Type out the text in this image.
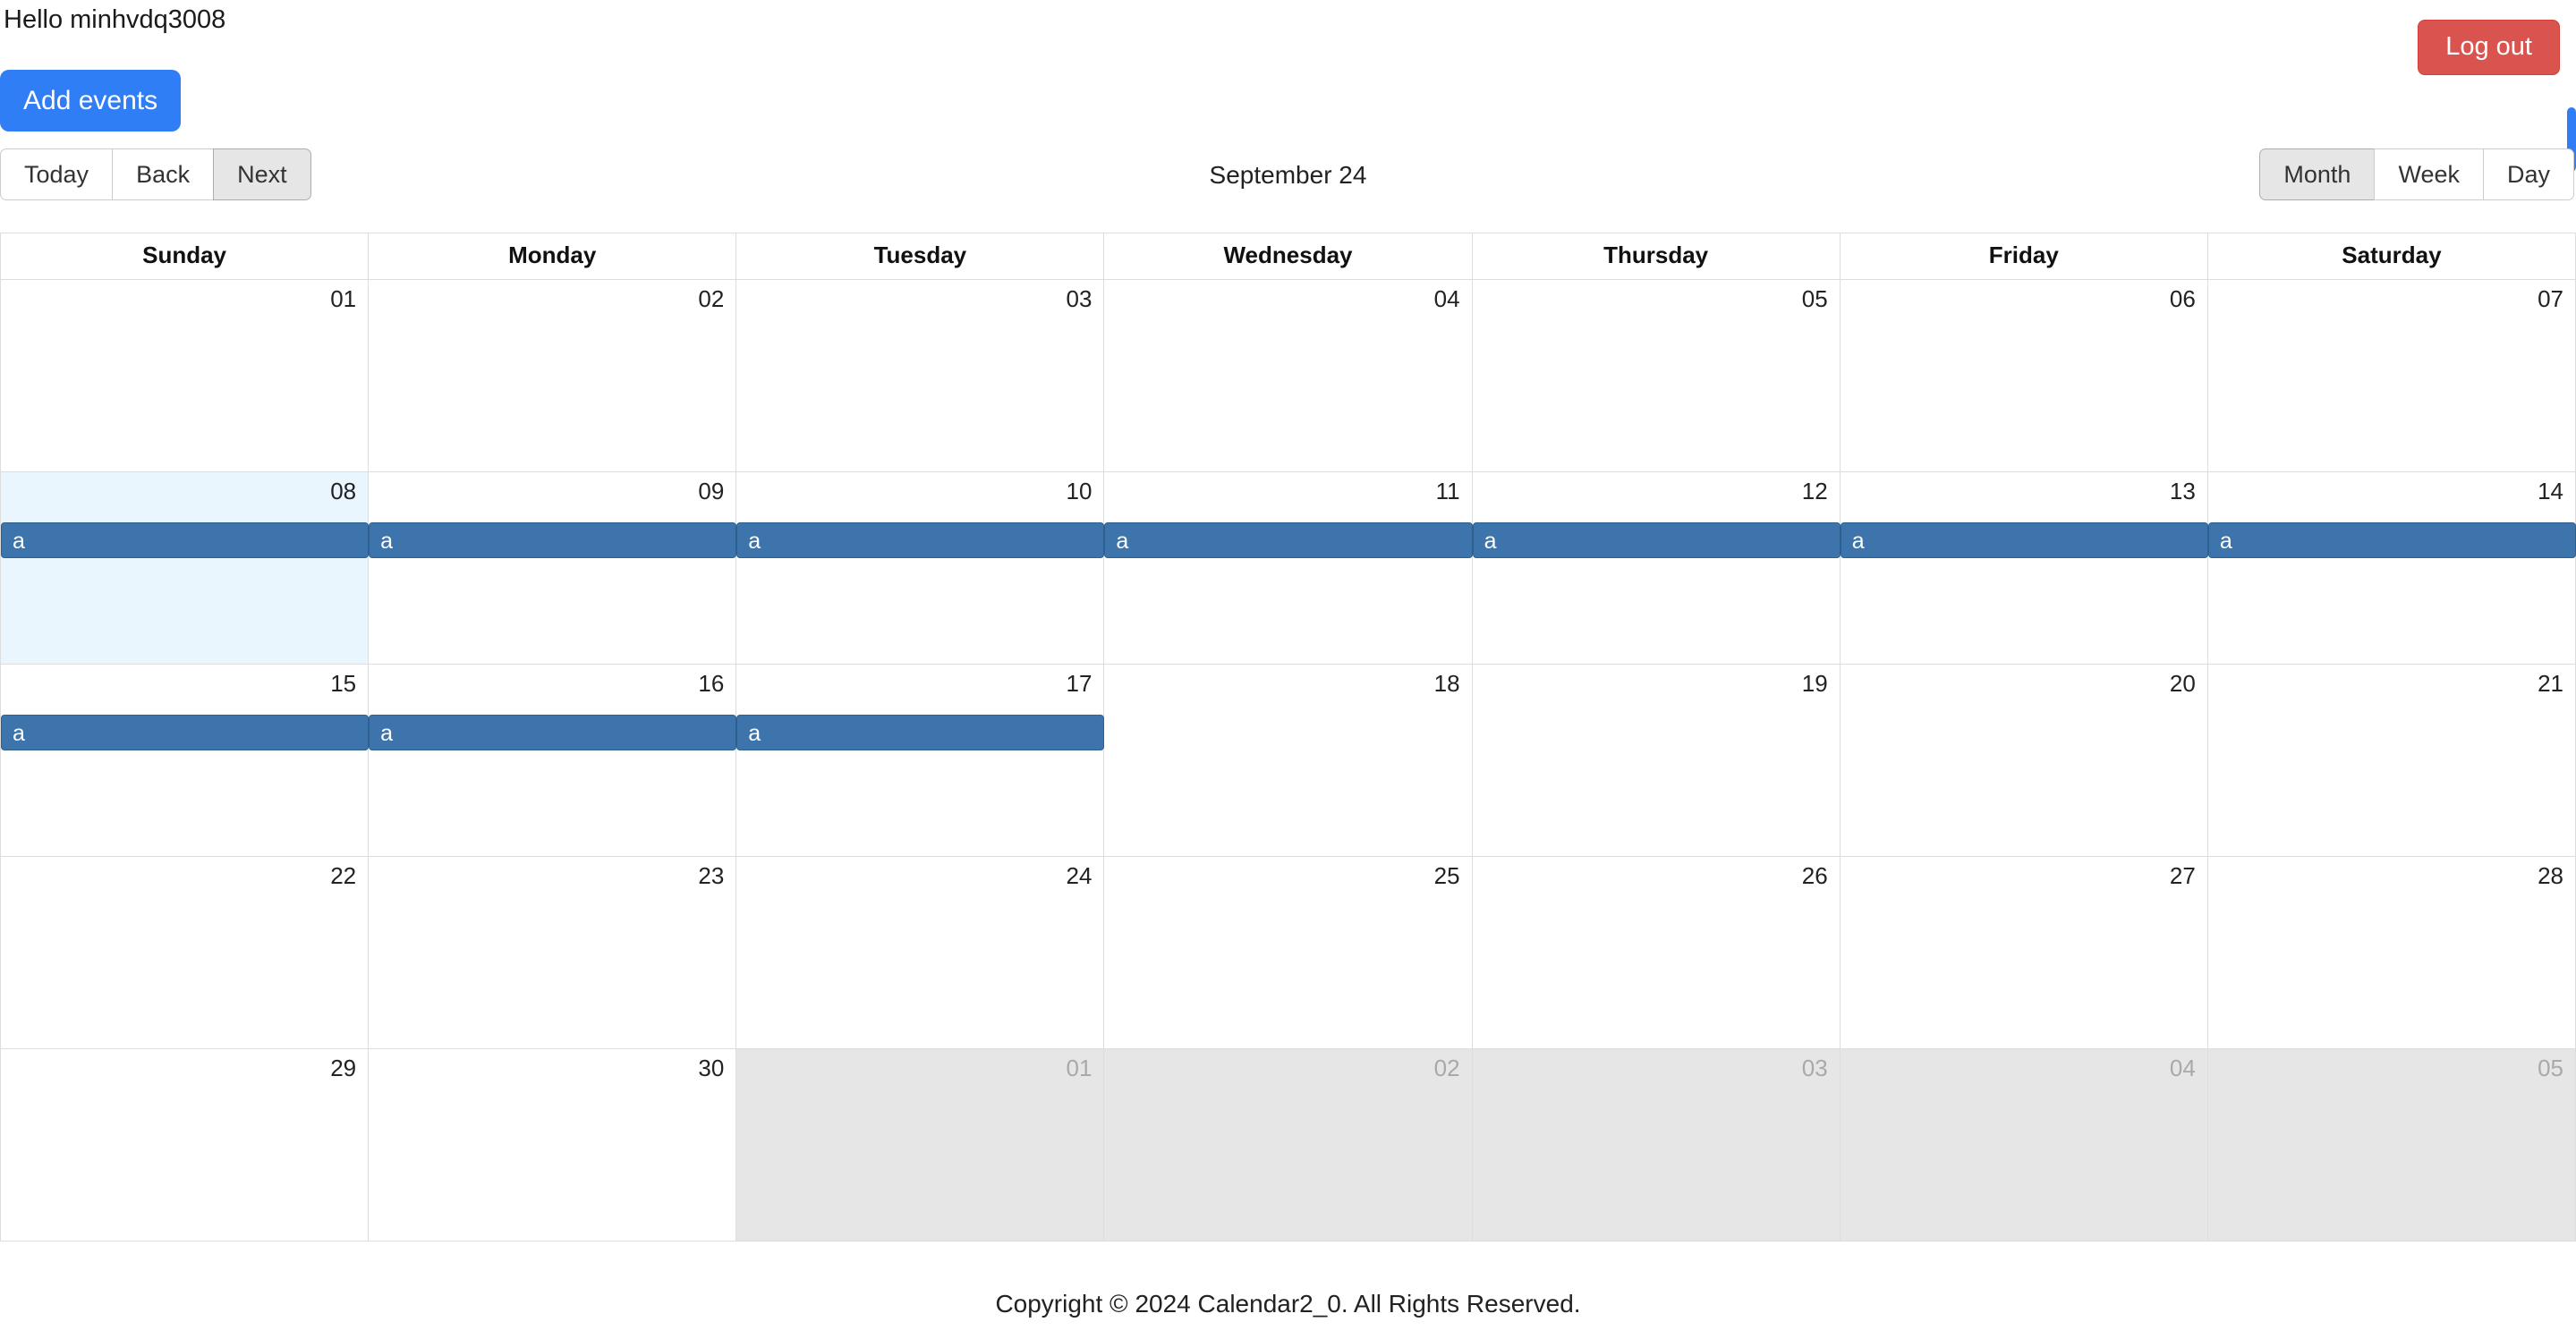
Hello minhvdq3008
Log out
Add events
Today	Back	Next	September 24	Month	Week	Day
Sunday	Monday	Tuesday	Wednesday	Thursday	Friday	Saturday
01	02	03	04	05	06	07
08	09	10	11	12	13	14
a	a	a	a	a	a	a
15	16	17	18	19	20	21
a	a	a
22	23	24	25	26	27	28
29	30	01	02	03	04	05
Copyright © 2024 Calendar2_0. All Rights Reserved.
